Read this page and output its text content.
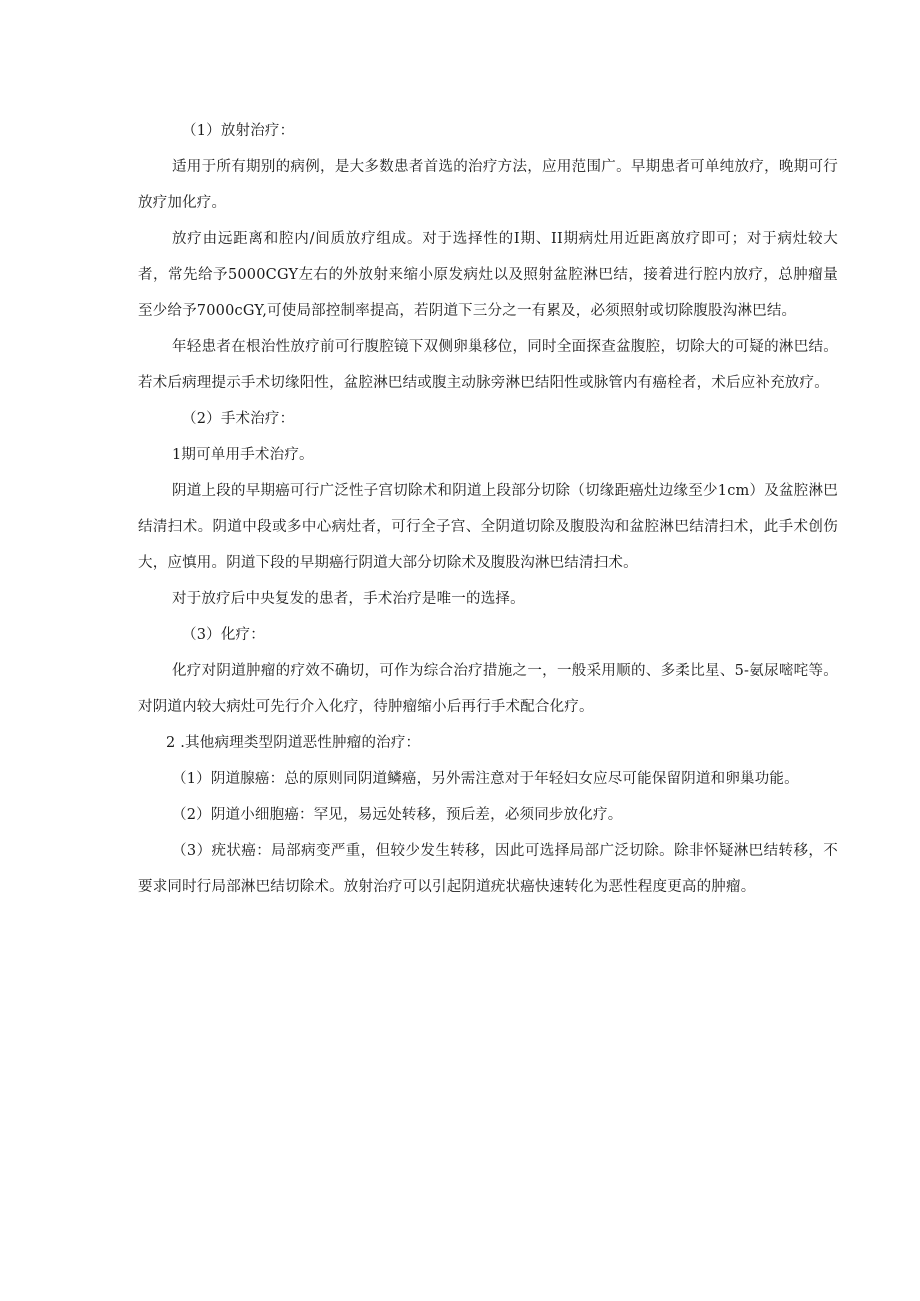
（1）放射治疗：

适用于所有期别的病例，是大多数患者首选的治疗方法，应用范围广。早期患者可单纯放疗，晚期可行放疗加化疗。

放疗由远距离和腔内/间质放疗组成。对于选择性的I期、II期病灶用近距离放疗即可；对于病灶较大者，常先给予5000CGY左右的外放射来缩小原发病灶以及照射盆腔淋巴结，接着进行腔内放疗，总肿瘤量至少给予7000cGY,可使局部控制率提高，若阴道下三分之一有累及，必须照射或切除腹股沟淋巴结。

年轻患者在根治性放疗前可行腹腔镜下双侧卵巢移位，同时全面探查盆腹腔，切除大的可疑的淋巴结。若术后病理提示手术切缘阳性，盆腔淋巴结或腹主动脉旁淋巴结阳性或脉管内有癌栓者，术后应补充放疗。

（2）手术治疗：

1期可单用手术治疗。

阴道上段的早期癌可行广泛性子宫切除术和阴道上段部分切除（切缘距癌灶边缘至少1cm）及盆腔淋巴结清扫术。阴道中段或多中心病灶者，可行全子宫、全阴道切除及腹股沟和盆腔淋巴结清扫术，此手术创伤大，应慎用。阴道下段的早期癌行阴道大部分切除术及腹股沟淋巴结清扫术。

对于放疗后中央复发的患者，手术治疗是唯一的选择。

（3）化疗：

化疗对阴道肿瘤的疗效不确切，可作为综合治疗措施之一，一般采用顺的、多柔比星、5-氨尿嘧咤等。对阴道内较大病灶可先行介入化疗，待肿瘤缩小后再行手术配合化疗。

2 .其他病理类型阴道恶性肿瘤的治疗：

（1）阴道腺癌：总的原则同阴道鳞癌，另外需注意对于年轻妇女应尽可能保留阴道和卵巢功能。

（2）阴道小细胞癌：罕见，易远处转移，预后差，必须同步放化疗。

（3）疣状癌：局部病变严重，但较少发生转移，因此可选择局部广泛切除。除非怀疑淋巴结转移，不要求同时行局部淋巴结切除术。放射治疗可以引起阴道疣状癌快速转化为恶性程度更高的肿瘤。
